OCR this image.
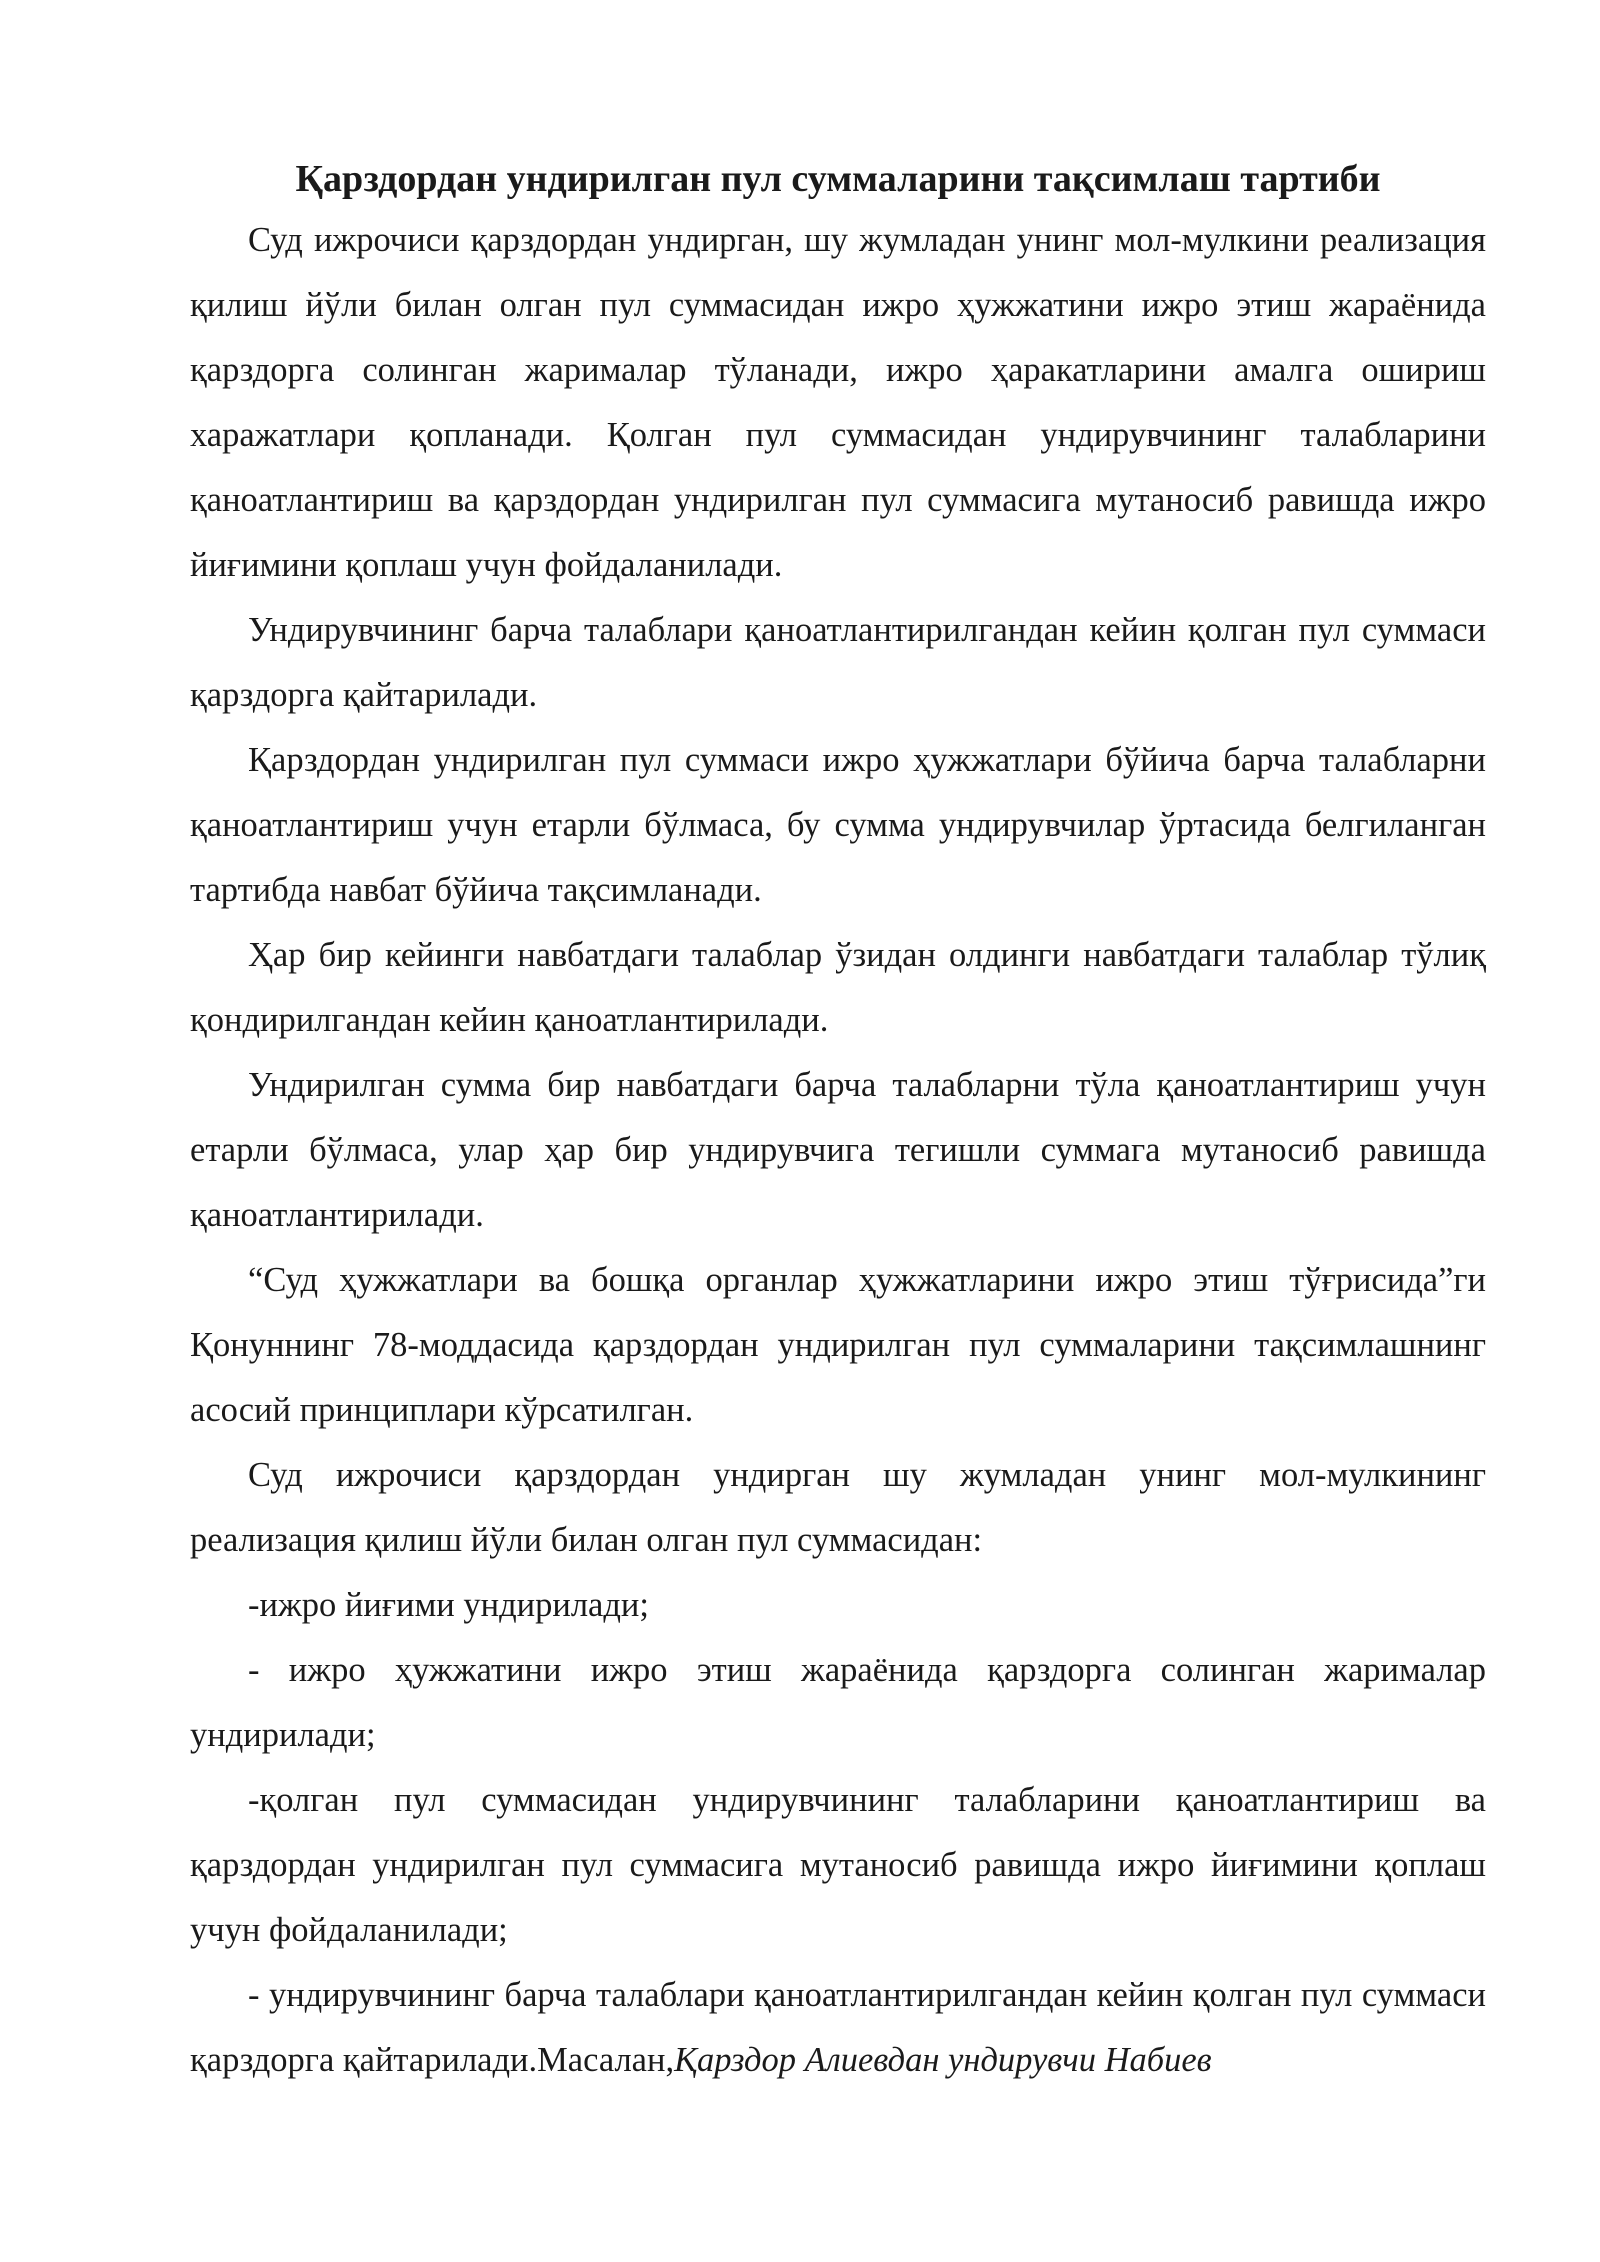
Қарздордан ундирилган пул суммаларини тақсимлаш тартиби

Суд ижрочиси қарздордан ундирган, шу жумладан унинг мол-мулкини реализация қилиш йўли билан олган пул суммасидан ижро ҳужжатини ижро этиш жараёнида қарздорга солинган жарималар тўланади, ижро ҳаракатларини амалга ошириш харажатлари қопланади. Қолган пул суммасидан ундирувчининг талабларини қаноатлантириш ва қарздордан ундирилган пул суммасига мутаносиб равишда ижро йиғимини қоплаш учун фойдаланилади.

Ундирувчининг барча талаблари қаноатлантирилгандан кейин қолган пул суммаси қарздорга қайтарилади.

Қарздордан ундирилган пул суммаси ижро ҳужжатлари бўйича барча талабларни қаноатлантириш учун етарли бўлмаса, бу сумма ундирувчилар ўртасида белгиланган тартибда навбат бўйича тақсимланади.

Ҳар бир кейинги навбатдаги талаблар ўзидан олдинги навбатдаги талаблар тўлиқ қондирилгандан кейин қаноатлантирилади.

Ундирилган сумма бир навбатдаги барча талабларни тўла қаноатлантириш учун етарли бўлмаса, улар ҳар бир ундирувчига тегишли суммага мутаносиб равишда қаноатлантирилади.

“Суд ҳужжатлари ва бошқа органлар ҳужжатларини ижро этиш тўғрисида”ги Қонуннинг 78-моддасида қарздордан ундирилган пул суммаларини тақсимлашнинг асосий принциплари кўрсатилган.

Суд ижрочиси қарздордан ундирган шу жумладан унинг мол-мулкининг реализация қилиш йўли билан олган пул суммасидан:

-ижро йиғими ундирилади;

- ижро ҳужжатини ижро этиш жараёнида қарздорга солинган жарималар ундирилади;

-қолган пул суммасидан ундирувчининг талабларини қаноатлантириш ва қарздордан ундирилган пул суммасига мутаносиб равишда ижро йиғимини қоплаш учун фойдаланилади;

- ундирувчининг барча талаблари қаноатлантирилгандан кейин қолган пул суммаси қарздорга қайтарилади.Масалан,Қарздор Алиевдан ундирувчи Набиев
